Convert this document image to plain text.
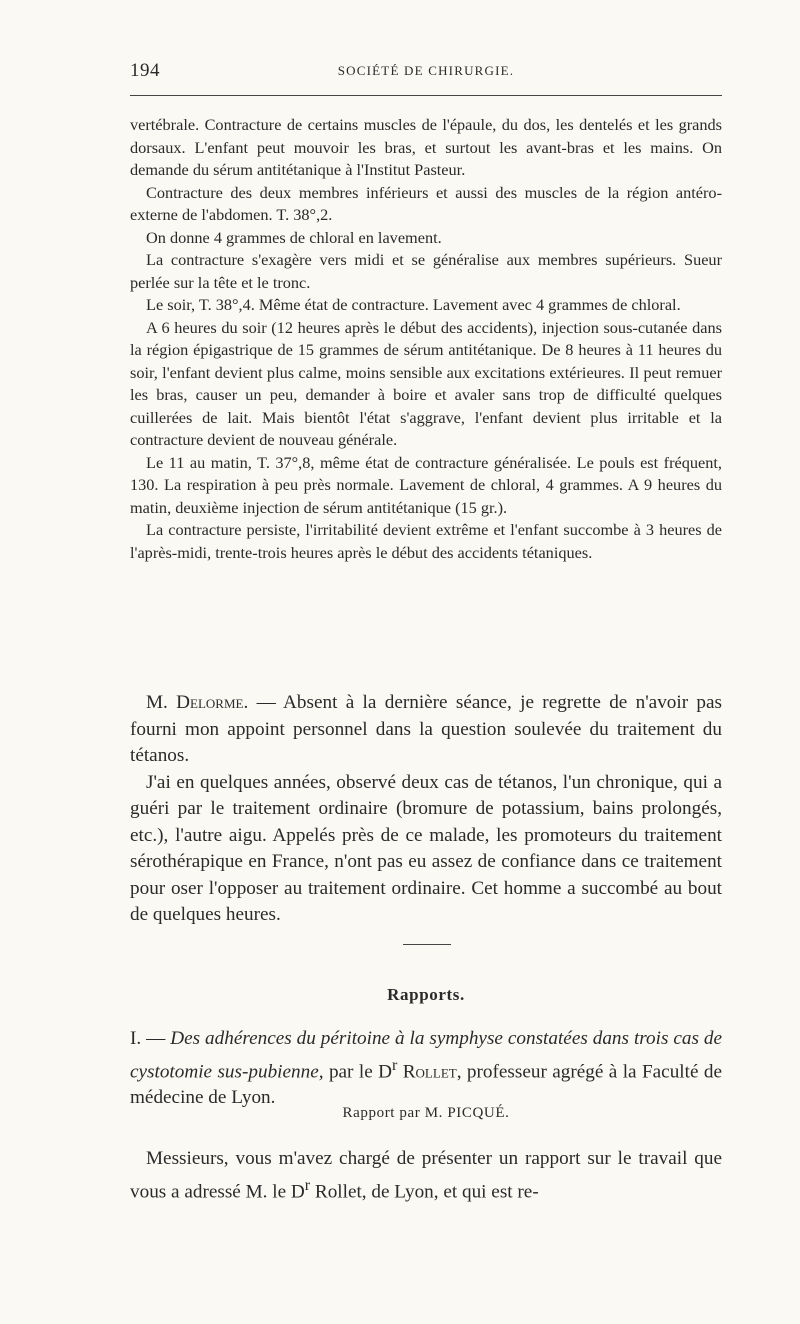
194	SOCIÉTÉ DE CHIRURGIE.

vertébrale. Contracture de certains muscles de l'épaule, du dos, les dentelés et les grands dorsaux. L'enfant peut mouvoir les bras, et surtout les avant-bras et les mains. On demande du sérum antitétanique à l'Institut Pasteur.

Contracture des deux membres inférieurs et aussi des muscles de la région antéro-externe de l'abdomen. T. 38°,2.

On donne 4 grammes de chloral en lavement.

La contracture s'exagère vers midi et se généralise aux membres supérieurs. Sueur perlée sur la tête et le tronc.

Le soir, T. 38°,4. Même état de contracture. Lavement avec 4 grammes de chloral.

A 6 heures du soir (12 heures après le début des accidents), injection sous-cutanée dans la région épigastrique de 15 grammes de sérum antitétanique. De 8 heures à 11 heures du soir, l'enfant devient plus calme, moins sensible aux excitations extérieures. Il peut remuer les bras, causer un peu, demander à boire et avaler sans trop de difficulté quelques cuillerées de lait. Mais bientôt l'état s'aggrave, l'enfant devient plus irritable et la contracture devient de nouveau générale.

Le 11 au matin, T. 37°,8, même état de contracture généralisée. Le pouls est fréquent, 130. La respiration à peu près normale. Lavement de chloral, 4 grammes. A 9 heures du matin, deuxième injection de sérum antitétanique (15 gr.).

La contracture persiste, l'irritabilité devient extrême et l'enfant succombe à 3 heures de l'après-midi, trente-trois heures après le début des accidents tétaniques.

M. Delorme. — Absent à la dernière séance, je regrette de n'avoir pas fourni mon appoint personnel dans la question soulevée du traitement du tétanos.

J'ai en quelques années, observé deux cas de tétanos, l'un chronique, qui a guéri par le traitement ordinaire (bromure de potassium, bains prolongés, etc.), l'autre aigu. Appelés près de ce malade, les promoteurs du traitement sérothérapique en France, n'ont pas eu assez de confiance dans ce traitement pour oser l'opposer au traitement ordinaire. Cet homme a succombé au bout de quelques heures.

Rapports.
I. — Des adhérences du péritoine à la symphyse constatées dans trois cas de cystotomie sus-pubienne, par le $D^r$ Rollet, professeur agrégé à la Faculté de médecine de Lyon.
Rapport par M. PICQUÉ.

Messieurs, vous m'avez chargé de présenter un rapport sur le travail que vous a adressé M. le $D^r$ Rollet, de Lyon, et qui est re-
